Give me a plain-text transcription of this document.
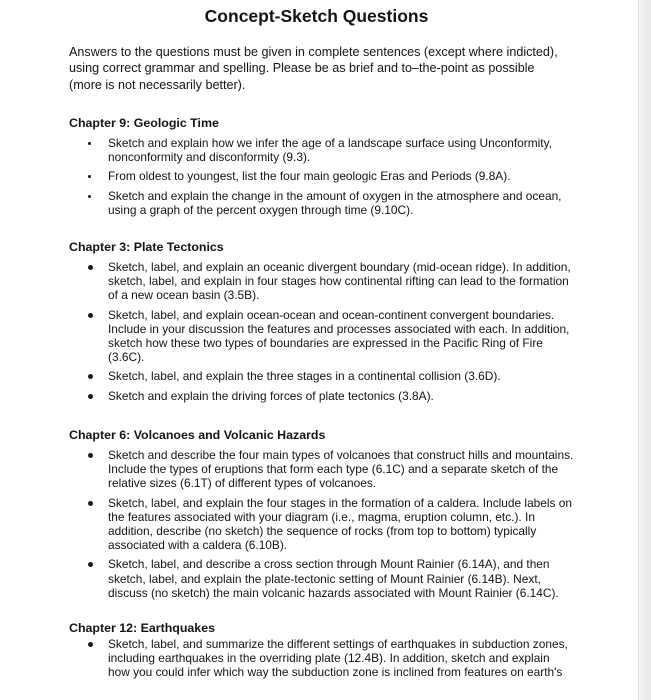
Concept-Sketch Questions
Answers to the questions must be given in complete sentences (except where indicted), using correct grammar and spelling. Please be as brief and to–the-point as possible (more is not necessarily better).
Chapter 9: Geologic Time
Sketch and explain how we infer the age of a landscape surface using Unconformity, nonconformity and disconformity (9.3).
From oldest to youngest, list the four main geologic Eras and Periods (9.8A).
Sketch and explain the change in the amount of oxygen in the atmosphere and ocean, using a graph of the percent oxygen through time (9.10C).
Chapter 3: Plate Tectonics
Sketch, label, and explain an oceanic divergent boundary (mid-ocean ridge). In addition, sketch, label, and explain in four stages how continental rifting can lead to the formation of a new ocean basin (3.5B).
Sketch, label, and explain ocean-ocean and ocean-continent convergent boundaries. Include in your discussion the features and processes associated with each. In addition, sketch how these two types of boundaries are expressed in the Pacific Ring of Fire (3.6C).
Sketch, label, and explain the three stages in a continental collision (3.6D).
Sketch and explain the driving forces of plate tectonics (3.8A).
Chapter 6: Volcanoes and Volcanic Hazards
Sketch and describe the four main types of volcanoes that construct hills and mountains. Include the types of eruptions that form each type (6.1C) and a separate sketch of the relative sizes (6.1T) of different types of volcanoes.
Sketch, label, and explain the four stages in the formation of a caldera. Include labels on the features associated with your diagram (i.e., magma, eruption column, etc.). In addition, describe (no sketch) the sequence of rocks (from top to bottom) typically associated with a caldera (6.10B).
Sketch, label, and describe a cross section through Mount Rainier (6.14A), and then sketch, label, and explain the plate-tectonic setting of Mount Rainier (6.14B). Next, discuss (no sketch) the main volcanic hazards associated with Mount Rainier (6.14C).
Chapter 12: Earthquakes
Sketch, label, and summarize the different settings of earthquakes in subduction zones, including earthquakes in the overriding plate (12.4B). In addition, sketch and explain how you could infer which way the subduction zone is inclined from features on earth's
